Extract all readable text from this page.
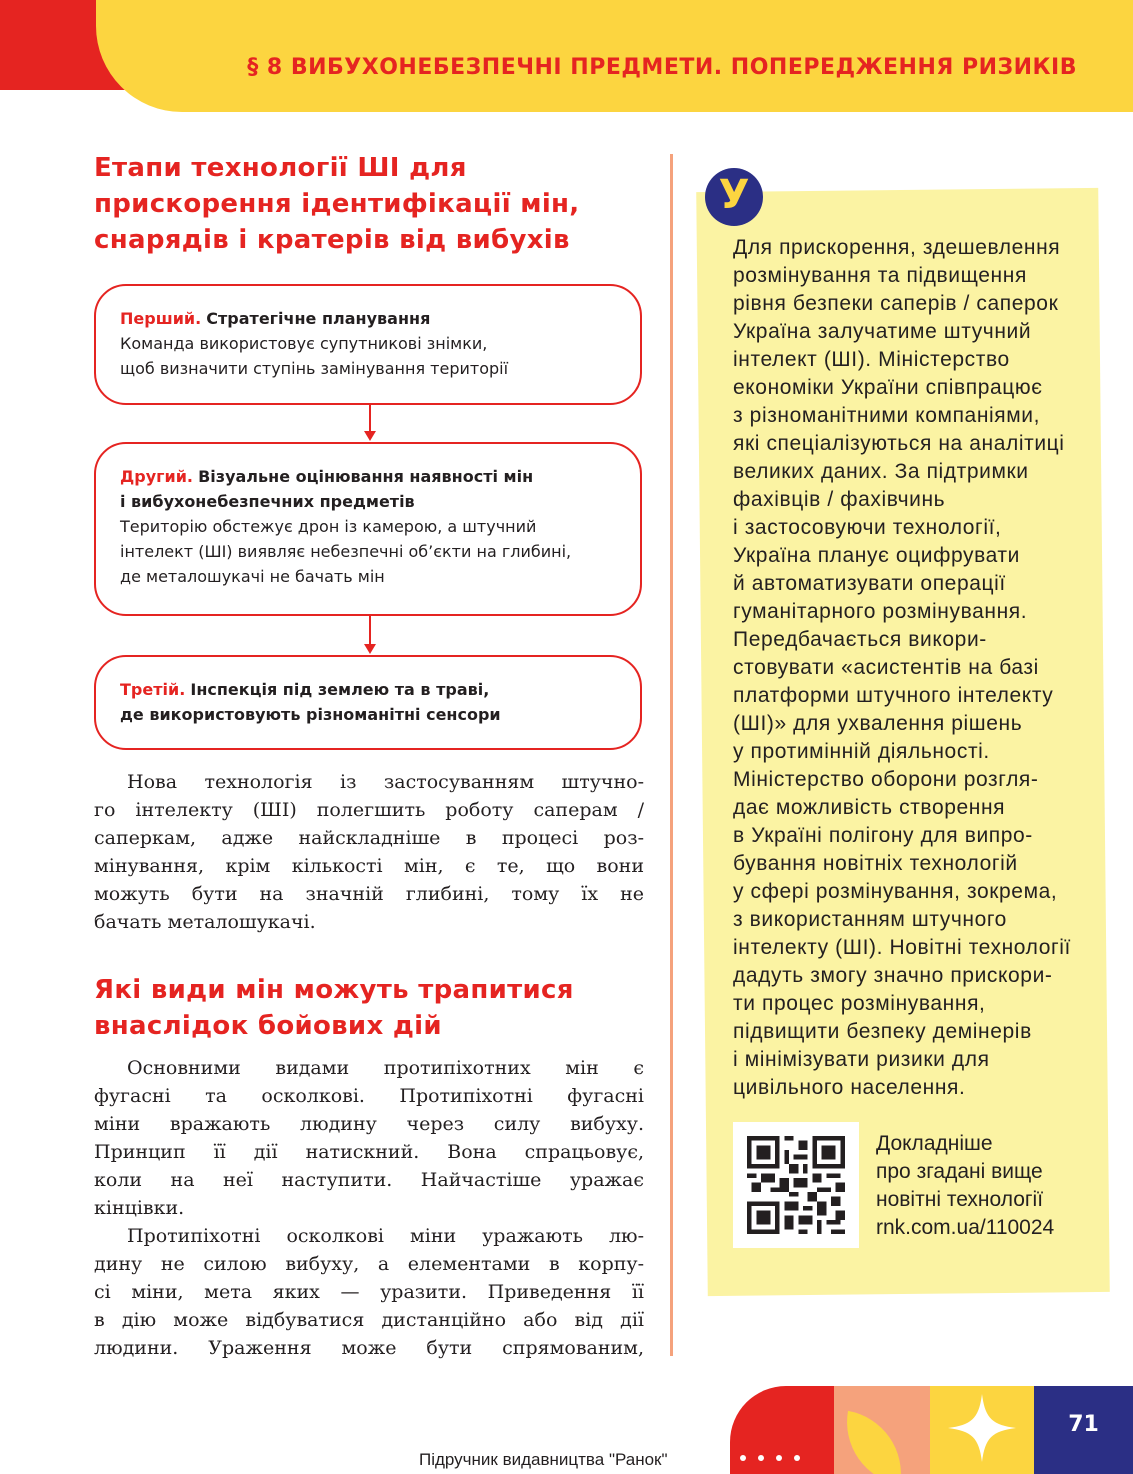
§ 8 ВИБУХОНЕБЕЗПЕЧНІ ПРЕДМЕТИ. ПОПЕРЕДЖЕННЯ РИЗИКІВ
Етапи технології ШІ для
прискорення ідентифікації мін,
снарядів і кратерів від вибухів
Перший. Стратегічне планування
Команда використовує супутникові знімки,
щоб визначити ступінь замінування території
Другий. Візуальне оцінювання наявності мін
і вибухонебезпечних предметів
Територію обстежує дрон із камерою, а штучний
інтелект (ШІ) виявляє небезпечні об’єкти на глибині,
де металошукачі не бачать мін
Третій. Інспекція під землею та в траві,
де використовують різноманітні сенсори
Нова технологія із застосуванням штучно-
го інтелекту (ШІ) полегшить роботу саперам /
саперкам, адже найскладніше в процесі роз-
мінування, крім кількості мін, є те, що вони
можуть бути на значній глибині, тому їх не
бачать металошукачі.
Які види мін можуть трапитися
внаслідок бойових дій
Основними видами протипіхотних мін є
фугасні та осколкові. Протипіхотні фугасні
міни вражають людину через силу вибуху.
Принцип її дії натискний. Вона спрацьовує,
коли на неї наступити. Найчастіше уражає
кінцівки.
Протипіхотні осколкові міни уражають лю-
дину не силою вибуху, а елементами в корпу-
сі міни, мета яких — уразити. Приведення її
в дію може відбуватися дистанційно або від дії
людини. Ураження може бути спрямованим,
У
Для прискорення, здешевлення
розмінування та підвищення
рівня безпеки саперів / саперок
Україна залучатиме штучний
інтелект (ШІ). Міністерство
економіки України співпрацює
з різноманітними компаніями,
які спеціалізуються на аналітиці
великих даних. За підтримки
фахівців / фахівчинь
і застосовуючи технології,
Україна планує оцифрувати
й автоматизувати операції
гуманітарного розмінування.
Передбачається викори-
стовувати «асистентів на базі
платформи штучного інтелекту
(ШІ)» для ухвалення рішень
у протимінній діяльності.
Міністерство оборони розгля-
дає можливість створення
в Україні полігону для випро-
бування новітніх технологій
у сфері розмінування, зокрема,
з використанням штучного
інтелекту (ШІ). Новітні технології
дадуть змогу значно прискори-
ти процес розмінування,
підвищити безпеку демінерів
і мінімізувати ризики для
цивільного населення.
Докладніше
про згадані вище
новітні технології
rnk.com.ua/110024
71

Підручник видавництва "Ранок"
